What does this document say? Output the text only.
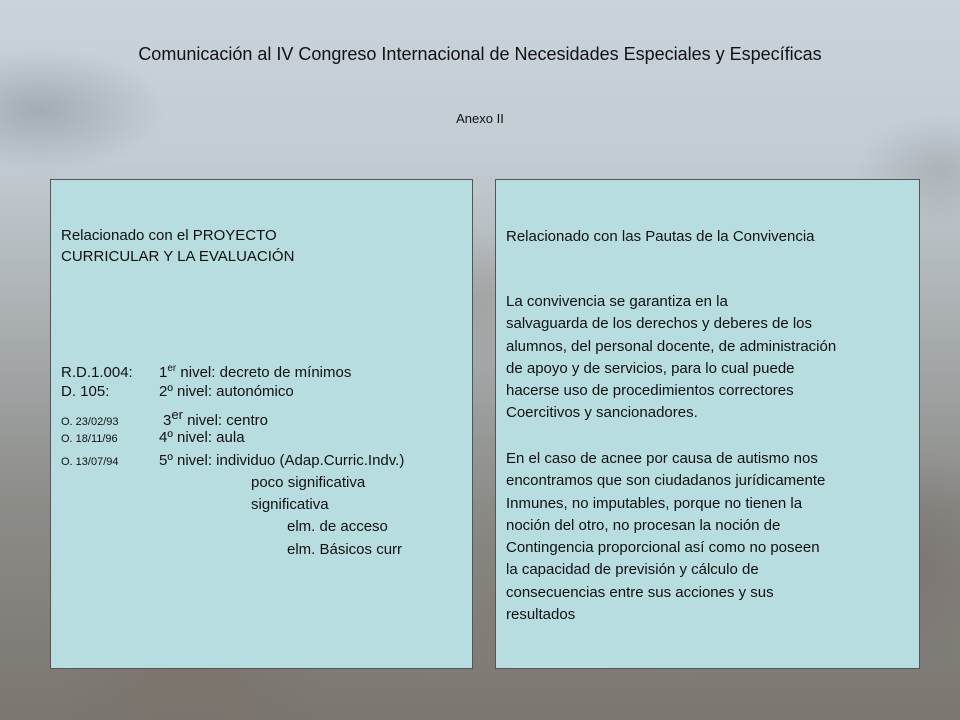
Comunicación al IV Congreso Internacional de Necesidades Especiales y Específicas
Anexo II
Relacionado con el PROYECTO
CURRICULAR Y LA EVALUACIÓN
R.D.1.004: 1er nivel: decreto de mínimos
D. 105:	2º nivel: autonómico
O. 23/02/93	3er nivel: centro
O. 18/11/96	4º nivel: aula
O. 13/07/94	5º nivel: individuo (Adap.Curric.Indv.)
poco significativa
significativa
elm. de acceso
elm. Básicos curr
Relacionado con las Pautas de la Convivencia
La convivencia se garantiza en la
salvaguarda de los derechos y deberes de los
alumnos, del personal docente, de administración
de apoyo y de servicios, para lo cual puede
hacerse uso de procedimientos correctores
Coercitivos y sancionadores.
En el caso de acnee por causa de autismo nos
encontramos que son ciudadanos jurídicamente
Inmunes, no imputables, porque no tienen la
noción del otro, no procesan la noción de
Contingencia proporcional así como no poseen
la capacidad de previsión y cálculo de
consecuencias entre sus acciones y sus
resultados
